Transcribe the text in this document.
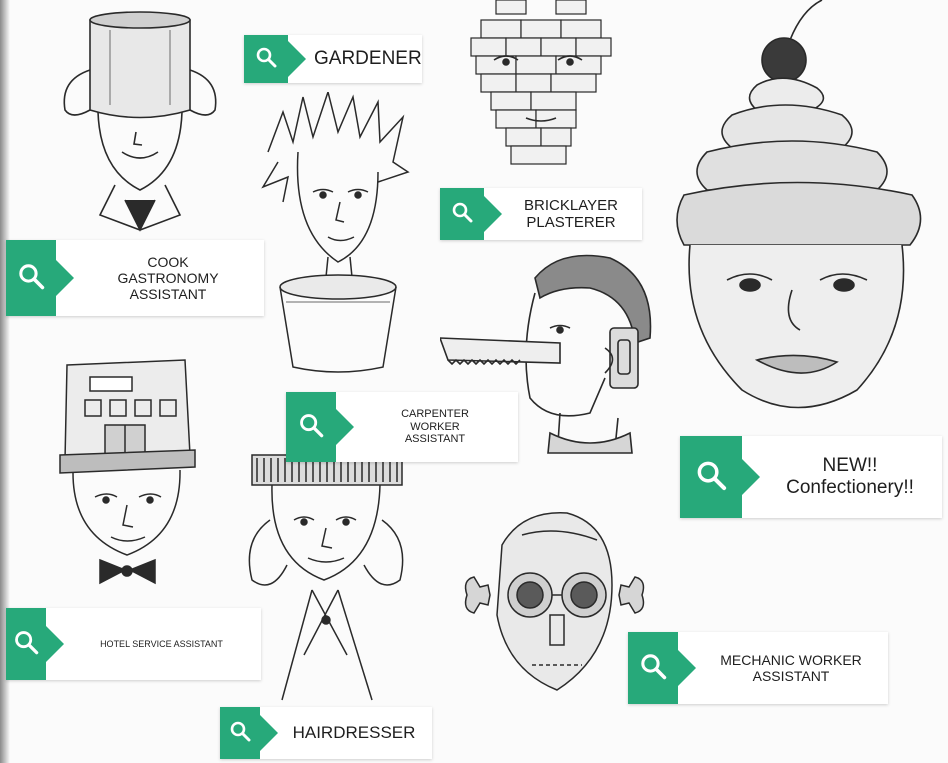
GARDENER
BRICKLAYER
PLASTERER
COOK
GASTRONOMY
ASSISTANT
CARPENTER
WORKER
ASSISTANT
NEW!!
Confectionery!!
HOTEL SERVICE ASSISTANT
MECHANIC WORKER
ASSISTANT
HAIRDRESSER
